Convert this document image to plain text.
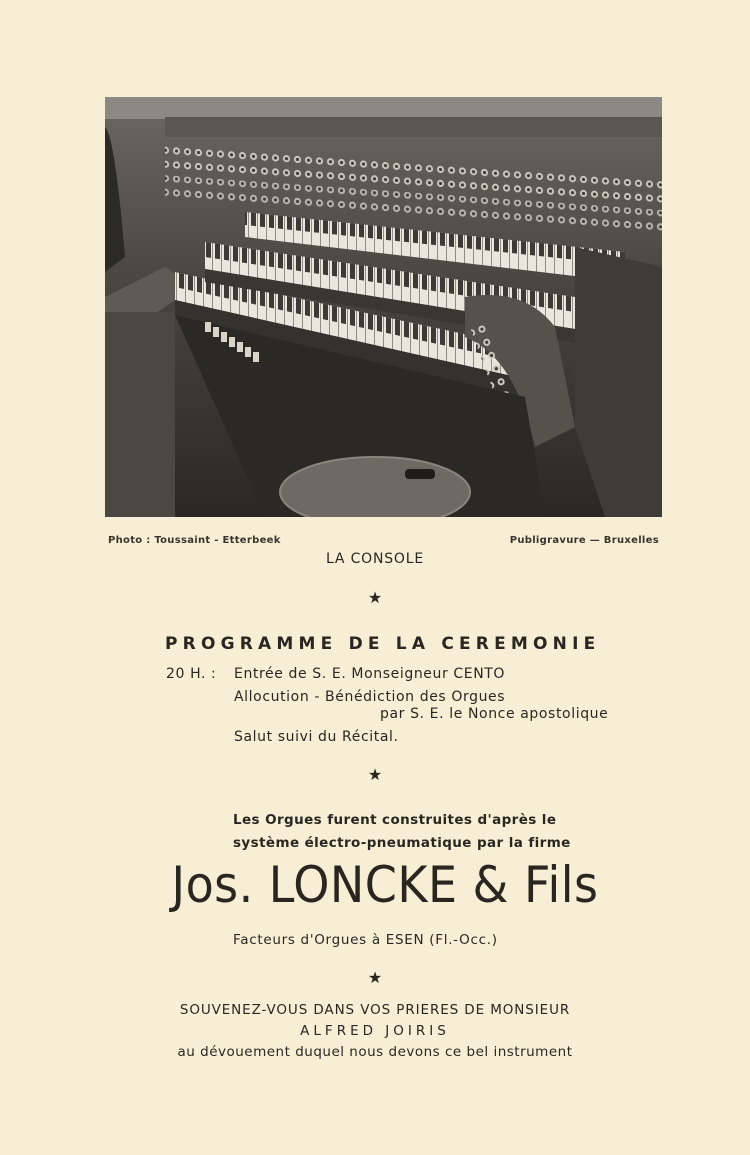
Photo : Toussaint - Etterbeek	Publigravure — Bruxelles
LA CONSOLE
★
PROGRAMME DE LA CEREMONIE
20 H. : Entrée de S. E. Monseigneur CENTO
Allocution - Bénédiction des Orgues
par S. E. le Nonce apostolique
Salut suivi du Récital.
★
Les Orgues furent construites d'après le
système électro-pneumatique par la firme
Jos. LONCKE & Fils
Facteurs d'Orgues à ESEN (Fl.-Occ.)
★
SOUVENEZ-VOUS DANS VOS PRIERES DE MONSIEUR
ALFRED JOIRIS
au dévouement duquel nous devons ce bel instrument
